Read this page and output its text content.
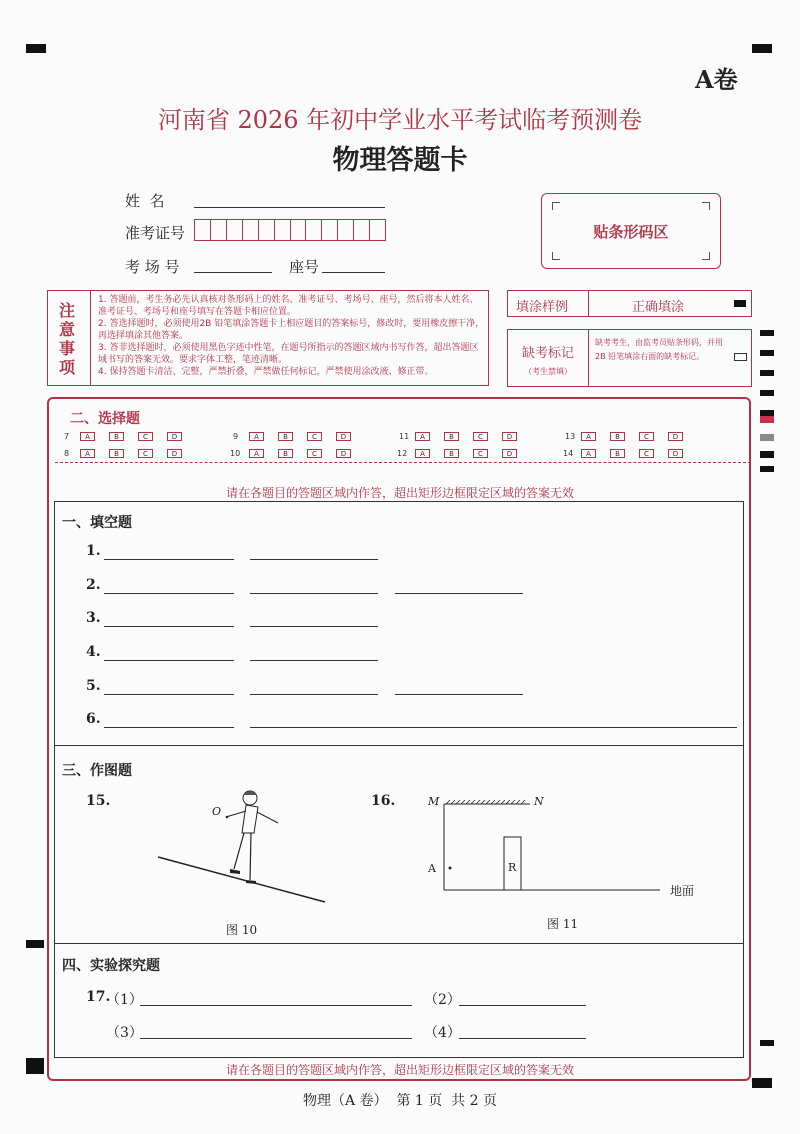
A卷
河南省 2026 年初中学业水平考试临考预测卷
物理答题卡
姓  名
准考证号
考 场 号	座号
贴条形码区
注意事项
1. 答题前，考生务必先认真核对条形码上的姓名、准考证号、考场号、座号，然后将本人姓名、准考证号、考场号和座号填写在答题卡相应位置。
2. 答选择题时，必须使用2B 铅笔填涂答题卡上相应题目的答案标号，修改时，要用橡皮擦干净，再选择填涂其他答案。
3. 答非选择题时，必须使用黑色字迹中性笔，在题号所指示的答题区域内书写作答，超出答题区域书写的答案无效。要求字体工整，笔迹清晰。
4. 保持答题卡清洁、完整，严禁折叠，严禁做任何标记，严禁使用涂改液、修正带。
填涂样例	正确填涂
缺考标记
（考生禁填）
缺考考生，由监考员贴条形码，并用 2B 铅笔填涂右面的缺考标记。
二、选择题
7	A	B	C	D	9	A	B	C	D	11	A	B	C	D	13	A	B	C	D
8	A	B	C	D	10	A	B	C	D	12	A	B	C	D	14	A	B	C	D
请在各题目的答题区域内作答，超出矩形边框限定区域的答案无效
一、填空题
1.
2.
3.
4.
5.
6.
三、作图题
15.
O
图 10
16.	M	N
R
A
地面
图 11
四、实验探究题
17.
（1）	（2）
（3）	（4）
请在各题目的答题区域内作答，超出矩形边框限定区域的答案无效
物理（A 卷）  第 1 页  共 2 页
